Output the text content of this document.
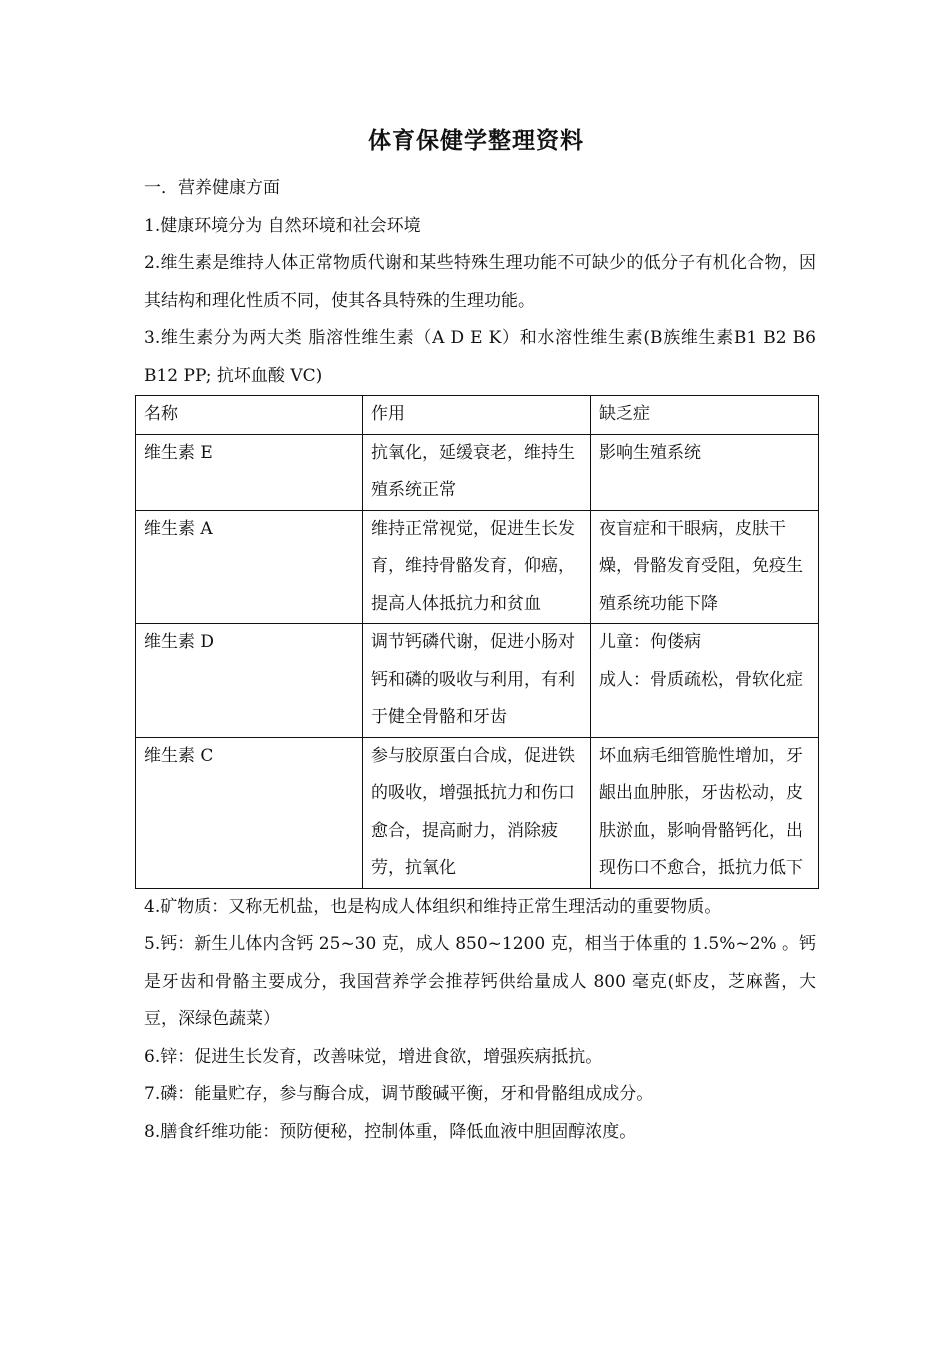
体育保健学整理资料

一．营养健康方面

1.健康环境分为 自然环境和社会环境

2.维生素是维持人体正常物质代谢和某些特殊生理功能不可缺少的低分子有机化合物，因其结构和理化性质不同，使其各具特殊的生理功能。

3.维生素分为两大类 脂溶性维生素（A D E K）和水溶性维生素(B族维生素B1 B2 B6 B12 PP; 抗坏血酸 VC)

名称	作用	缺乏症
维生素 E	抗氧化，延缓衰老，维持生殖系统正常	影响生殖系统

维生素 A	维持正常视觉，促进生长发育，维持骨骼发育，仰癌，提高人体抵抗力和贫血	夜盲症和干眼病，皮肤干燥，骨骼发育受阻，免疫生殖系统功能下降

维生素 D	调节钙磷代谢，促进小肠对钙和磷的吸收与利用，有利于健全骨骼和牙齿	儿童：佝偻病
成人：骨质疏松，骨软化症

维生素 C	参与胶原蛋白合成，促进铁的吸收，增强抵抗力和伤口愈合，提高耐力，消除疲劳，抗氧化	坏血病毛细管脆性增加，牙龈出血肿胀，牙齿松动，皮肤淤血，影响骨骼钙化，出现伤口不愈合，抵抗力低下

4.矿物质：又称无机盐，也是构成人体组织和维持正常生理活动的重要物质。

5.钙：新生儿体内含钙 25~30 克，成人 850~1200 克，相当于体重的 1.5%~2% 。钙是牙齿和骨骼主要成分，我国营养学会推荐钙供给量成人 800 毫克(虾皮，芝麻酱，大豆，深绿色蔬菜）

6.锌：促进生长发育，改善味觉，增进食欲，增强疾病抵抗。

7.磷：能量贮存，参与酶合成，调节酸碱平衡，牙和骨骼组成成分。

8.膳食纤维功能：预防便秘，控制体重，降低血液中胆固醇浓度。
